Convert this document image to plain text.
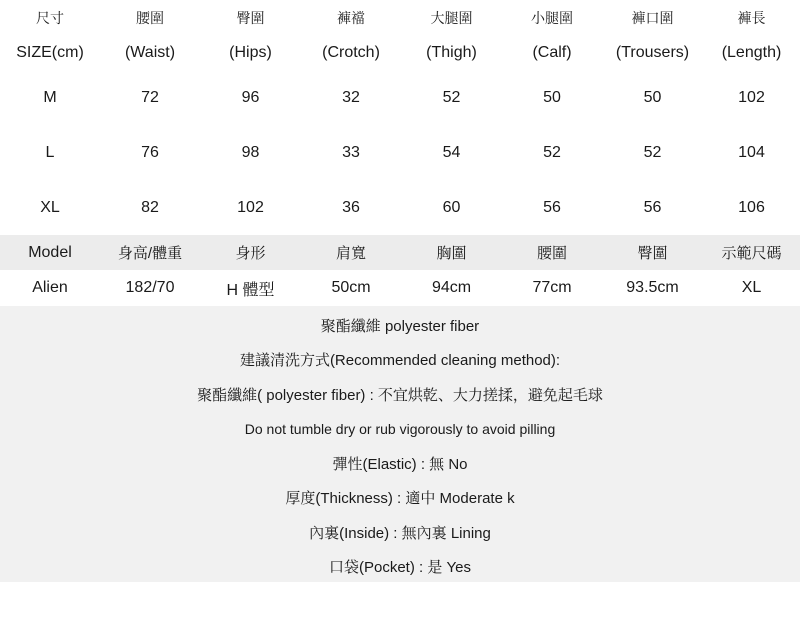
尺寸	腰圍	臀圍	褲襠	大腿圍	小腿圍	褲口圍	褲長
SIZE(cm)	(Waist)	(Hips)	(Crotch)	(Thigh)	(Calf)	(Trousers)	(Length)
M	72	96	32	52	50	50	102
L	76	98	33	54	52	52	104
XL	82	102	36	60	56	56	106
Model	身高/體重	身形	肩寬	胸圍	腰圍	臀圍	示範尺碼
Alien	182/70	H 體型	50cm	94cm	77cm	93.5cm	XL
聚酯纖維 polyester fiber
建議清洗方式(Recommended cleaning method):
聚酯纖維( polyester fiber) : 不宜烘乾、大力搓揉，避免起毛球
Do not tumble dry or rub vigorously to avoid pilling
彈性(Elastic) : 無 No
厚度(Thickness) : 適中 Moderate k
內裏(Inside) : 無內裏 Lining
口袋(Pocket) : 是 Yes
